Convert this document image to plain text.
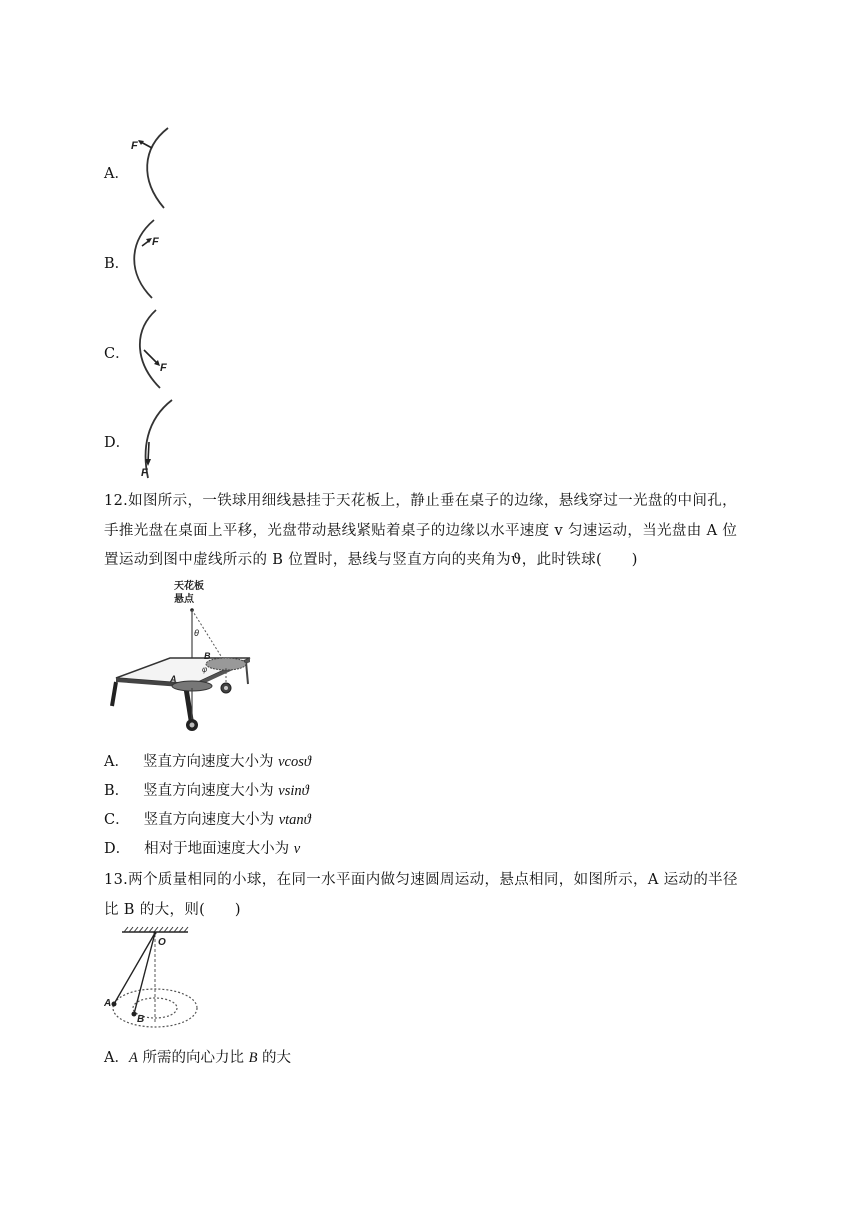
A．
F
B．
F
C．
F
D．
F
12.如图所示，一铁球用细线悬挂于天花板上，静止垂在桌子的边缘，悬线穿过一光盘的中间孔，
手推光盘在桌面上平移，光盘带动悬线紧贴着桌子的边缘以水平速度 v 匀速运动，当光盘由 A 位
置运动到图中虚线所示的 B 位置时，悬线与竖直方向的夹角为ϑ，此时铁球(　　)
天花板
悬点
θ
A
B
φ
A． 竖直方向速度大小为 vcosϑ
B． 竖直方向速度大小为 vsinϑ
C． 竖直方向速度大小为 vtanϑ
D． 相对于地面速度大小为 v
13.两个质量相同的小球，在同一水平面内做匀速圆周运动，悬点相同，如图所示，A 运动的半径
比 B 的大，则(　　)
O
A
B
A．A 所需的向心力比 B 的大
